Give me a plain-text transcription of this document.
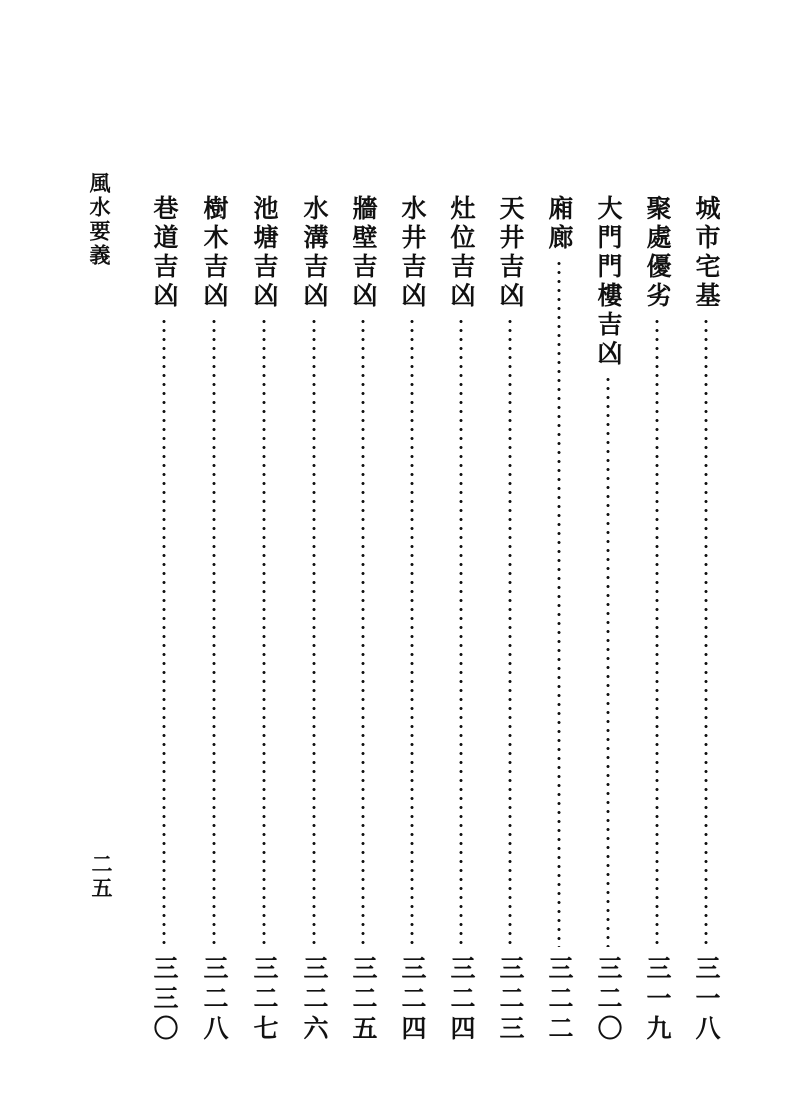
風水要義
二五
城市宅基
三一八
聚處優劣
三一九
大門門樓吉凶
三二〇
廂廊
三二二
天井吉凶
三二三
灶位吉凶
三二四
水井吉凶
三二四
牆壁吉凶
三二五
水溝吉凶
三二六
池塘吉凶
三二七
樹木吉凶
三二八
巷道吉凶
三三〇
